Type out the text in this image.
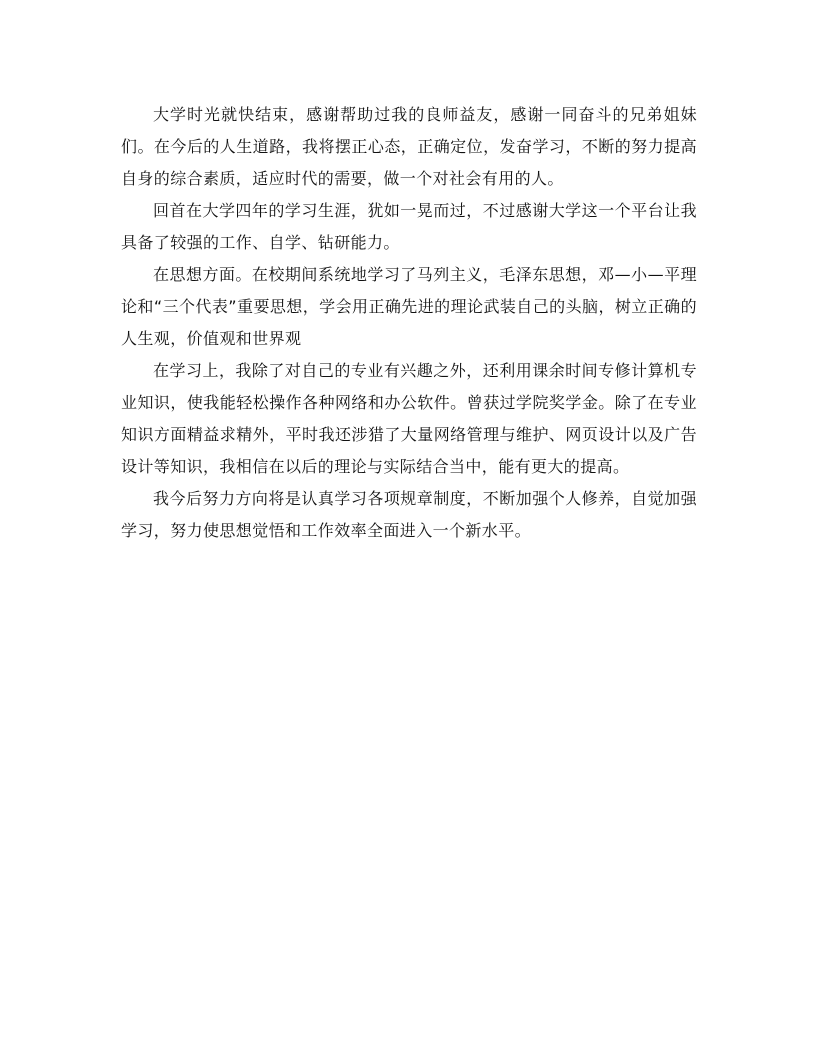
大学时光就快结束，感谢帮助过我的良师益友，感谢一同奋斗的兄弟姐妹们。在今后的人生道路，我将摆正心态，正确定位，发奋学习，不断的努力提高自身的综合素质，适应时代的需要，做一个对社会有用的人。

回首在大学四年的学习生涯，犹如一晃而过，不过感谢大学这一个平台让我具备了较强的工作、自学、钻研能力。

在思想方面。在校期间系统地学习了马列主义，毛泽东思想，邓—小—平理论和“三个代表”重要思想，学会用正确先进的理论武装自己的头脑，树立正确的人生观，价值观和世界观

在学习上，我除了对自己的专业有兴趣之外，还利用课余时间专修计算机专业知识，使我能轻松操作各种网络和办公软件。曾获过学院奖学金。除了在专业知识方面精益求精外，平时我还涉猎了大量网络管理与维护、网页设计以及广告设计等知识，我相信在以后的理论与实际结合当中，能有更大的提高。

我今后努力方向将是认真学习各项规章制度，不断加强个人修养，自觉加强学习，努力使思想觉悟和工作效率全面进入一个新水平。
